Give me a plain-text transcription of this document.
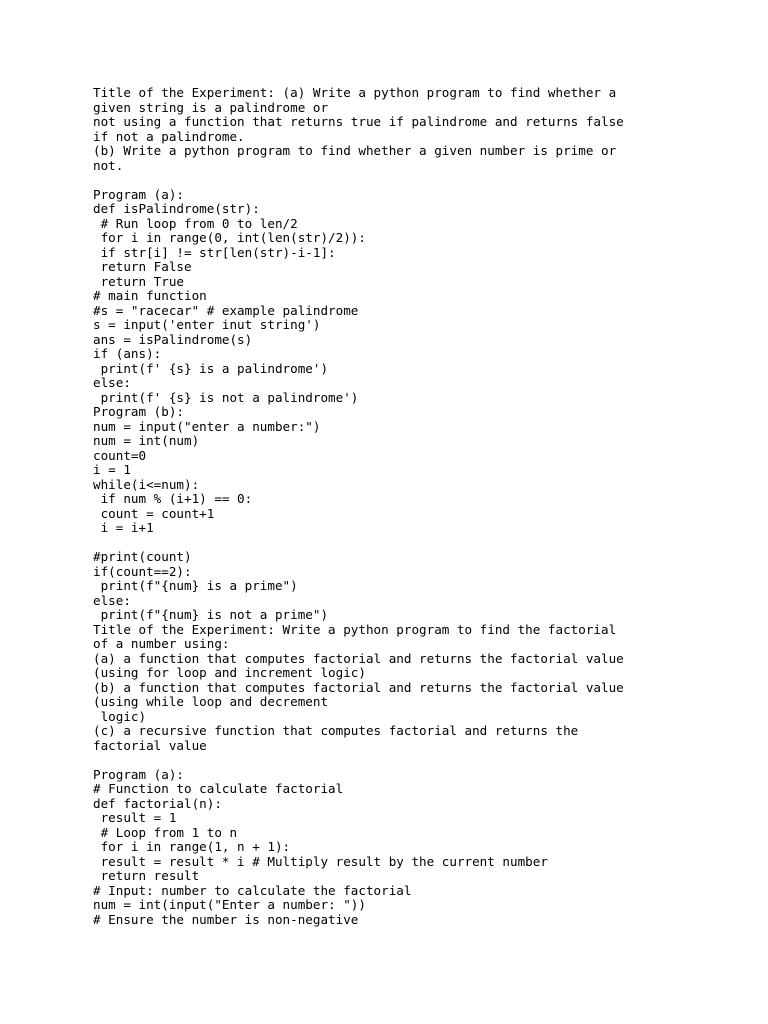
Title of the Experiment: (a) Write a python program to find whether a
given string is a palindrome or
not using a function that returns true if palindrome and returns false
if not a palindrome.
(b) Write a python program to find whether a given number is prime or
not.
Program (a):
def isPalindrome(str):
# Run loop from 0 to len/2
for i in range(0, int(len(str)/2)):
if str[i] != str[len(str)-i-1]:
return False
return True
# main function
#s = "racecar" # example palindrome
s = input('enter inut string')
ans = isPalindrome(s)
if (ans):
print(f' {s} is a palindrome')
else:
print(f' {s} is not a palindrome')
Program (b):
num = input("enter a number:")
num = int(num)
count=0
i = 1
while(i<=num):
if num % (i+1) == 0:
count = count+1
i = i+1
#print(count)
if(count==2):
print(f"{num} is a prime")
else:
print(f"{num} is not a prime")
Title of the Experiment: Write a python program to find the factorial
of a number using:
(a) a function that computes factorial and returns the factorial value
(using for loop and increment logic)
(b) a function that computes factorial and returns the factorial value
(using while loop and decrement
logic)
(c) a recursive function that computes factorial and returns the
factorial value
Program (a):
# Function to calculate factorial
def factorial(n):
result = 1
# Loop from 1 to n
for i in range(1, n + 1):
result = result * i # Multiply result by the current number
return result
# Input: number to calculate the factorial
num = int(input("Enter a number: "))
# Ensure the number is non-negative
